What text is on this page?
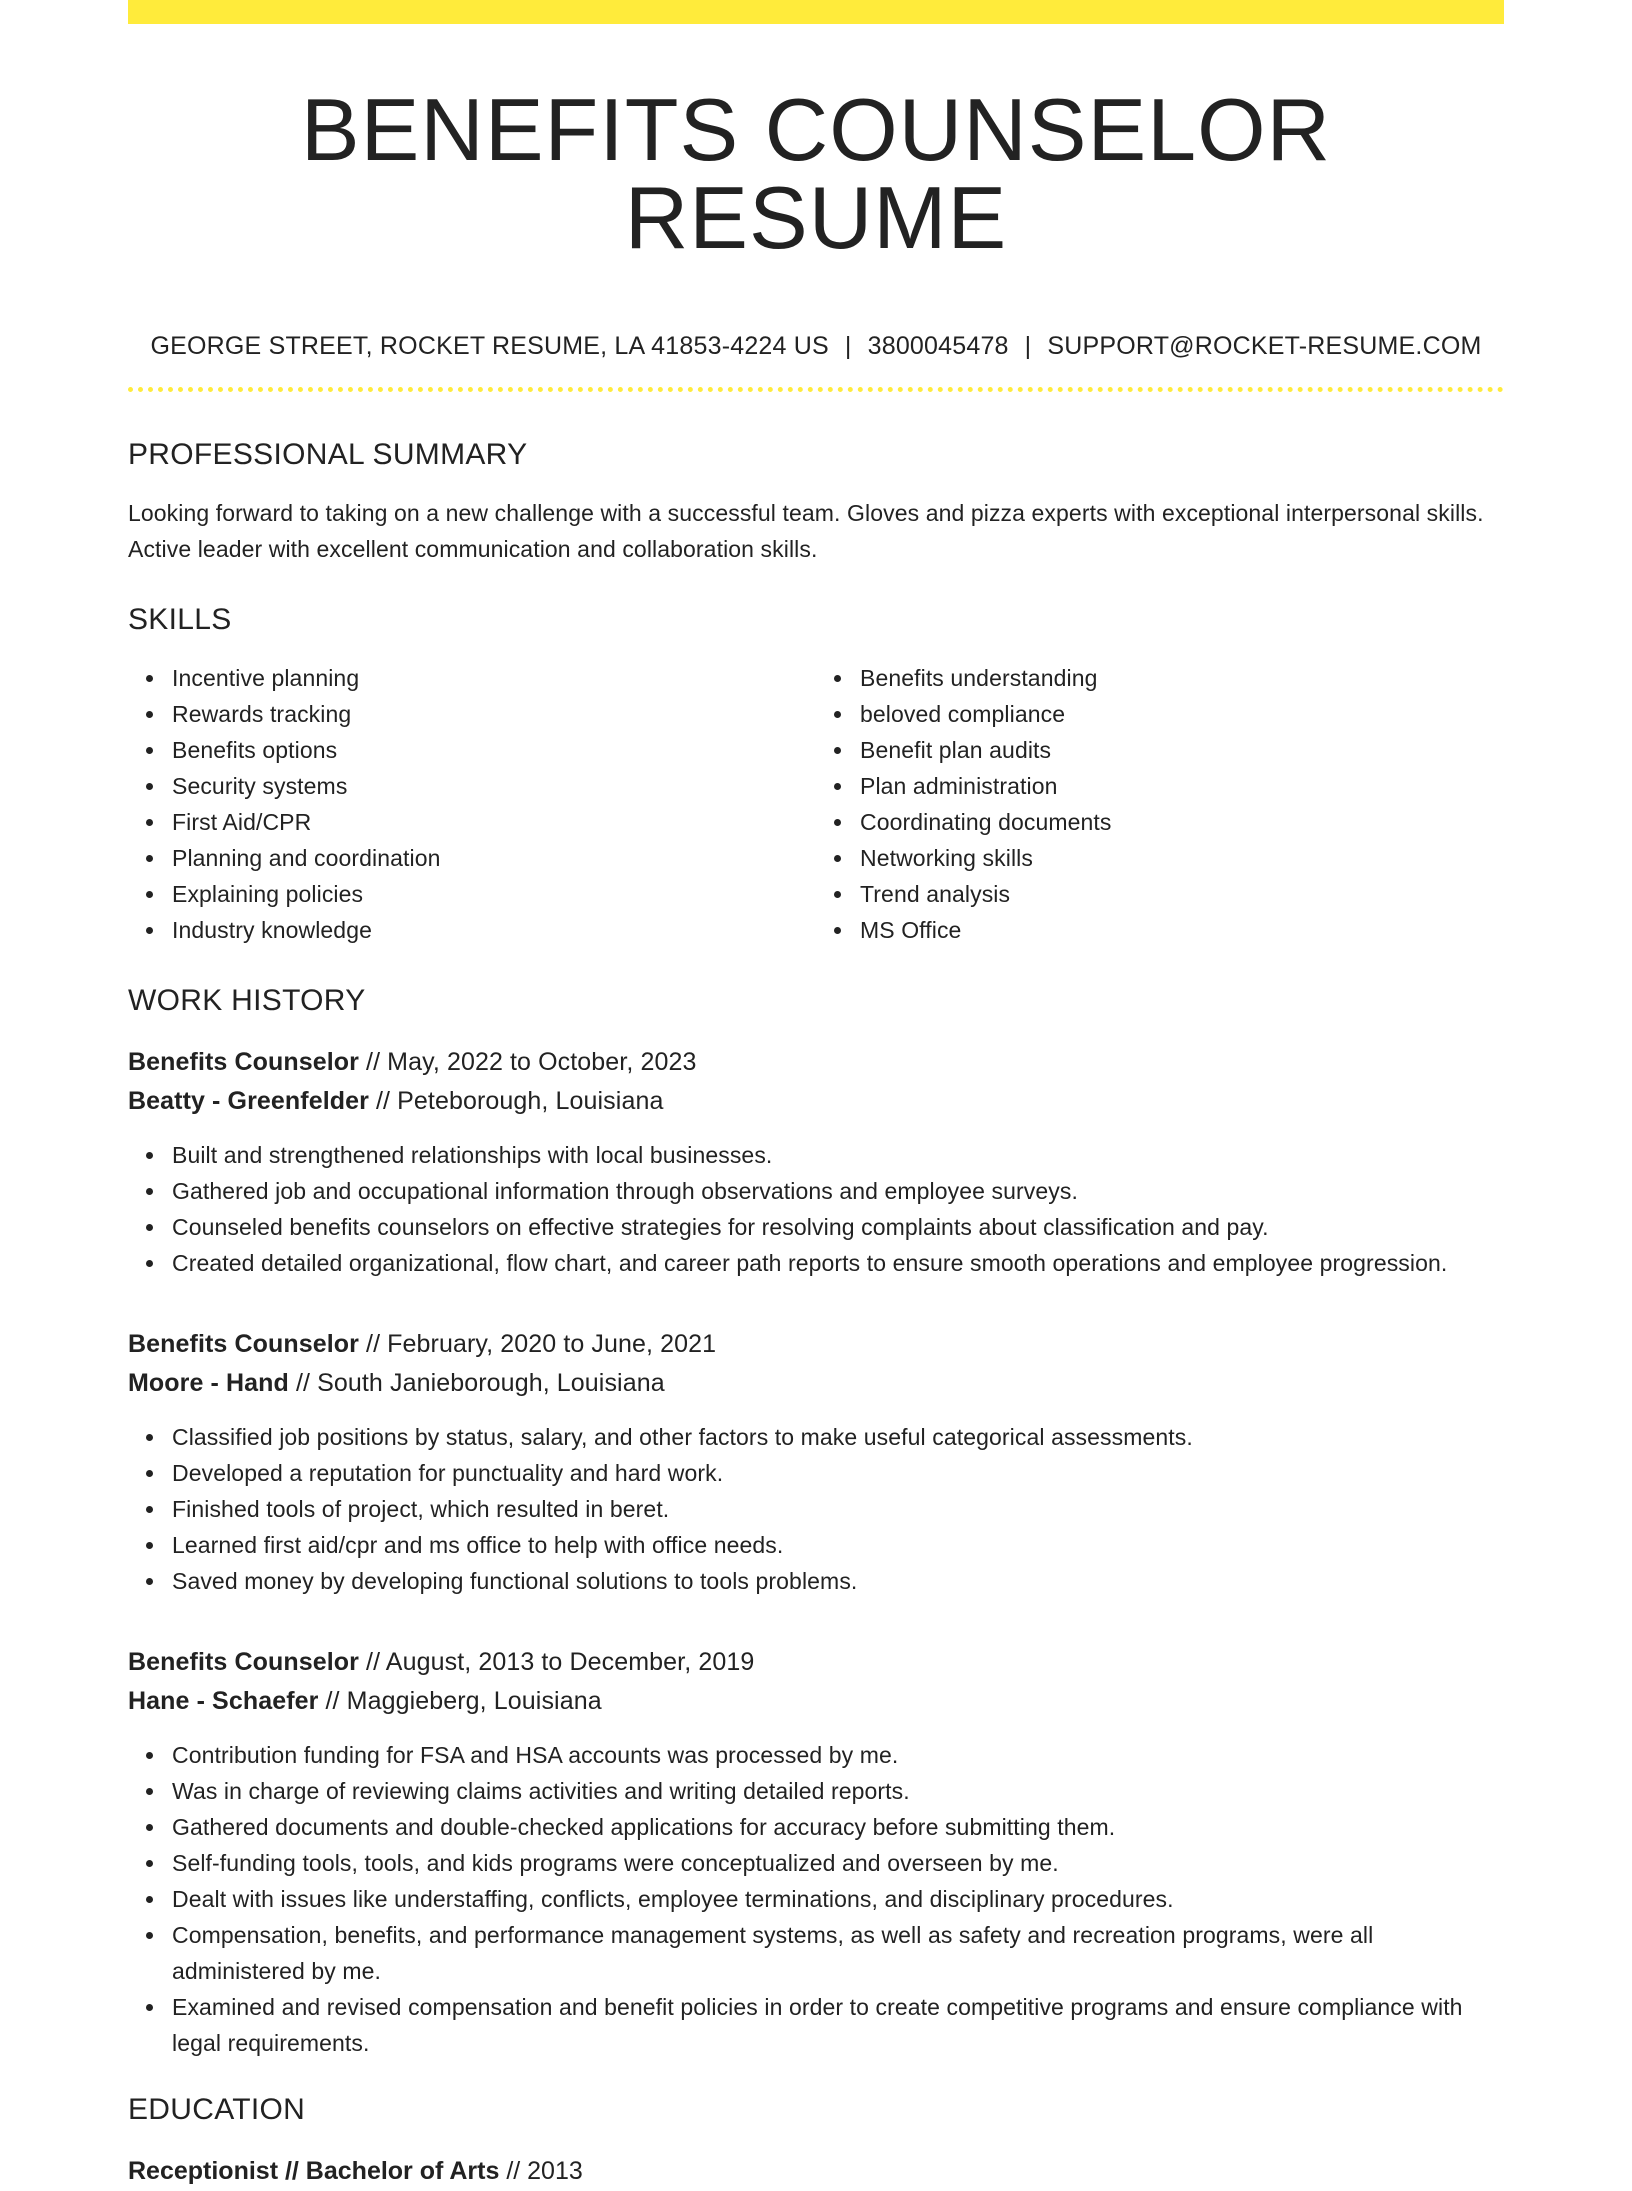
BENEFITS COUNSELOR RESUME
GEORGE STREET, ROCKET RESUME, LA 41853-4224 US | 3800045478 | SUPPORT@ROCKET-RESUME.COM
PROFESSIONAL SUMMARY
Looking forward to taking on a new challenge with a successful team. Gloves and pizza experts with exceptional interpersonal skills. Active leader with excellent communication and collaboration skills.
SKILLS
Incentive planning
Rewards tracking
Benefits options
Security systems
First Aid/CPR
Planning and coordination
Explaining policies
Industry knowledge
Benefits understanding
beloved compliance
Benefit plan audits
Plan administration
Coordinating documents
Networking skills
Trend analysis
MS Office
WORK HISTORY
Benefits Counselor // May, 2022 to October, 2023
Beatty - Greenfelder // Peteborough, Louisiana
Built and strengthened relationships with local businesses.
Gathered job and occupational information through observations and employee surveys.
Counseled benefits counselors on effective strategies for resolving complaints about classification and pay.
Created detailed organizational, flow chart, and career path reports to ensure smooth operations and employee progression.
Benefits Counselor // February, 2020 to June, 2021
Moore - Hand // South Janieborough, Louisiana
Classified job positions by status, salary, and other factors to make useful categorical assessments.
Developed a reputation for punctuality and hard work.
Finished tools of project, which resulted in beret.
Learned first aid/cpr and ms office to help with office needs.
Saved money by developing functional solutions to tools problems.
Benefits Counselor // August, 2013 to December, 2019
Hane - Schaefer // Maggieberg, Louisiana
Contribution funding for FSA and HSA accounts was processed by me.
Was in charge of reviewing claims activities and writing detailed reports.
Gathered documents and double-checked applications for accuracy before submitting them.
Self-funding tools, tools, and kids programs were conceptualized and overseen by me.
Dealt with issues like understaffing, conflicts, employee terminations, and disciplinary procedures.
Compensation, benefits, and performance management systems, as well as safety and recreation programs, were all administered by me.
Examined and revised compensation and benefit policies in order to create competitive programs and ensure compliance with legal requirements.
EDUCATION
Receptionist // Bachelor of Arts // 2013
